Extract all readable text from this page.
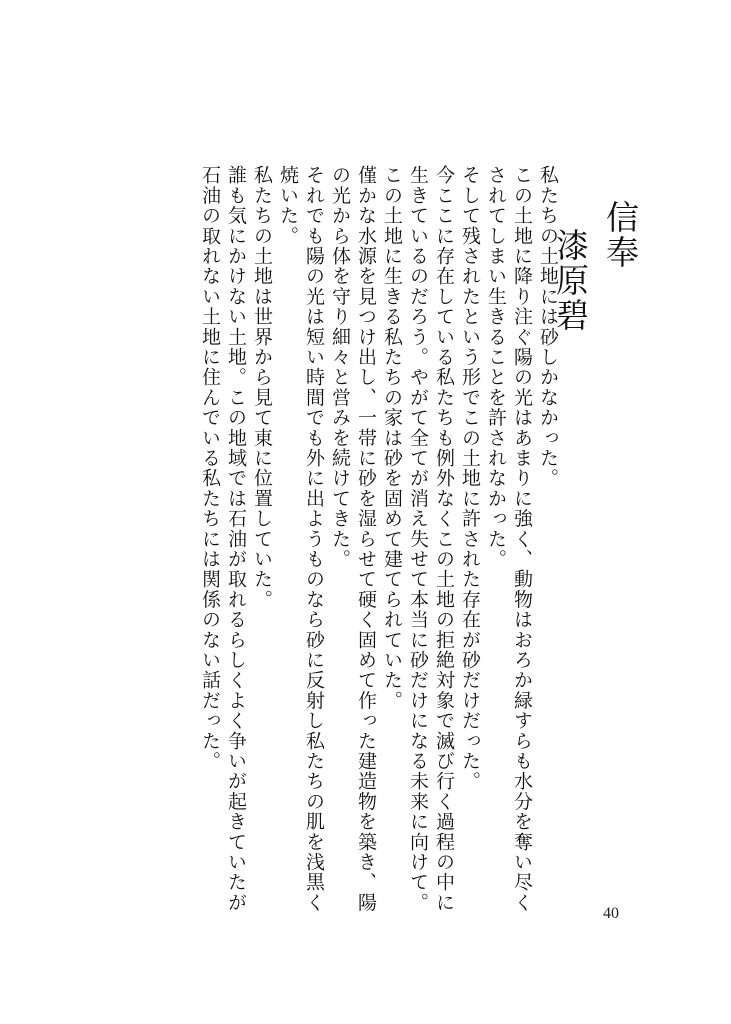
信奉
漆原碧

私たちの土地には砂しかなかった。

この土地に降り注ぐ陽の光はあまりに強く、動物はおろか緑すらも水分を奪い尽く

されてしまい生きることを許されなかった。

そして残されたという形でこの土地に許された存在が砂だけだった。

今ここに存在している私たちも例外なくこの土地の拒絶対象で滅び行く過程の中に

生きているのだろう。やがて全てが消え失せて本当に砂だけになる未来に向けて。

この土地に生きる私たちの家は砂を固めて建てられていた。

僅かな水源を見つけ出し、一帯に砂を湿らせて硬く固めて作った建造物を築き、陽

の光から体を守り細々と営みを続けてきた。

それでも陽の光は短い時間でも外に出ようものなら砂に反射し私たちの肌を浅黒く

焼いた。

私たちの土地は世界から見て東に位置していた。

誰も気にかけない土地。この地域では石油が取れるらしくよく争いが起きていたが

石油の取れない土地に住んでいる私たちには関係のない話だった。

40
